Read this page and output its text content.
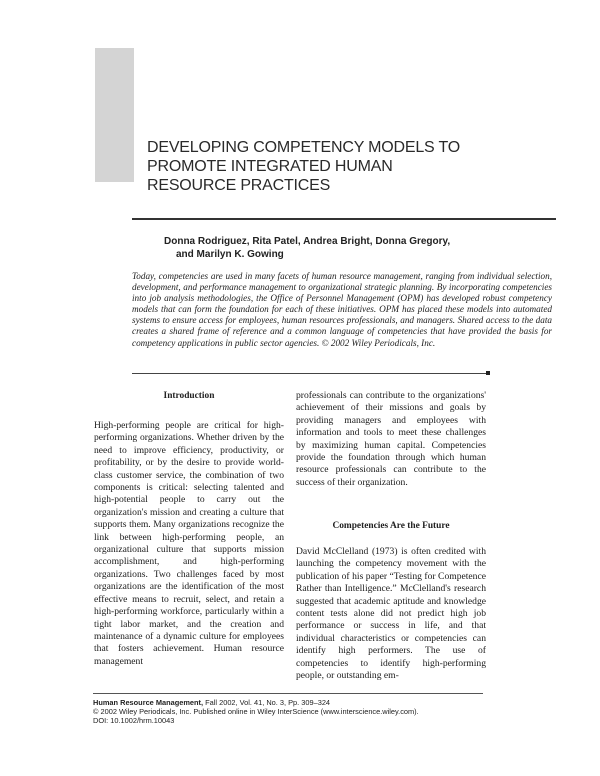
DEVELOPING COMPETENCY MODELS TO
PROMOTE INTEGRATED HUMAN
RESOURCE PRACTICES
Donna Rodriguez, Rita Patel, Andrea Bright, Donna Gregory,
and Marilyn K. Gowing
Today, competencies are used in many facets of human resource management, ranging from individual selection, development, and performance management to organizational strategic planning. By incorporating competencies into job analysis methodologies, the Office of Personnel Management (OPM) has developed robust competency models that can form the foundation for each of these initiatives. OPM has placed these models into automated systems to ensure access for employees, human resources professionals, and managers. Shared access to the data creates a shared frame of reference and a common language of competencies that have provided the basis for competency applications in public sector agencies. © 2002 Wiley Periodicals, Inc.
Introduction
High-performing people are critical for high-performing organizations. Whether driven by the need to improve efficiency, productivity, or profitability, or by the desire to provide world-class customer service, the combination of two components is critical: selecting talented and high-potential people to carry out the organization's mission and creating a culture that supports them. Many organizations recognize the link between high-performing people, an organizational culture that supports mission accomplishment, and high-performing organizations. Two challenges faced by most organizations are the identification of the most effective means to recruit, select, and retain a high-performing workforce, particularly within a tight labor market, and the creation and maintenance of a dynamic culture for employees that fosters achievement. Human resource management
professionals can contribute to the organizations' achievement of their missions and goals by providing managers and employees with information and tools to meet these challenges by maximizing human capital. Competencies provide the foundation through which human resource professionals can contribute to the success of their organization.
Competencies Are the Future
David McClelland (1973) is often credited with launching the competency movement with the publication of his paper “Testing for Competence Rather than Intelligence.” McClelland's research suggested that academic aptitude and knowledge content tests alone did not predict high job performance or success in life, and that individual characteristics or competencies can identify high performers. The use of competencies to identify high-performing people, or outstanding em-
Human Resource Management, Fall 2002, Vol. 41, No. 3, Pp. 309–324
© 2002 Wiley Periodicals, Inc. Published online in Wiley InterScience (www.interscience.wiley.com).
DOI: 10.1002/hrm.10043
